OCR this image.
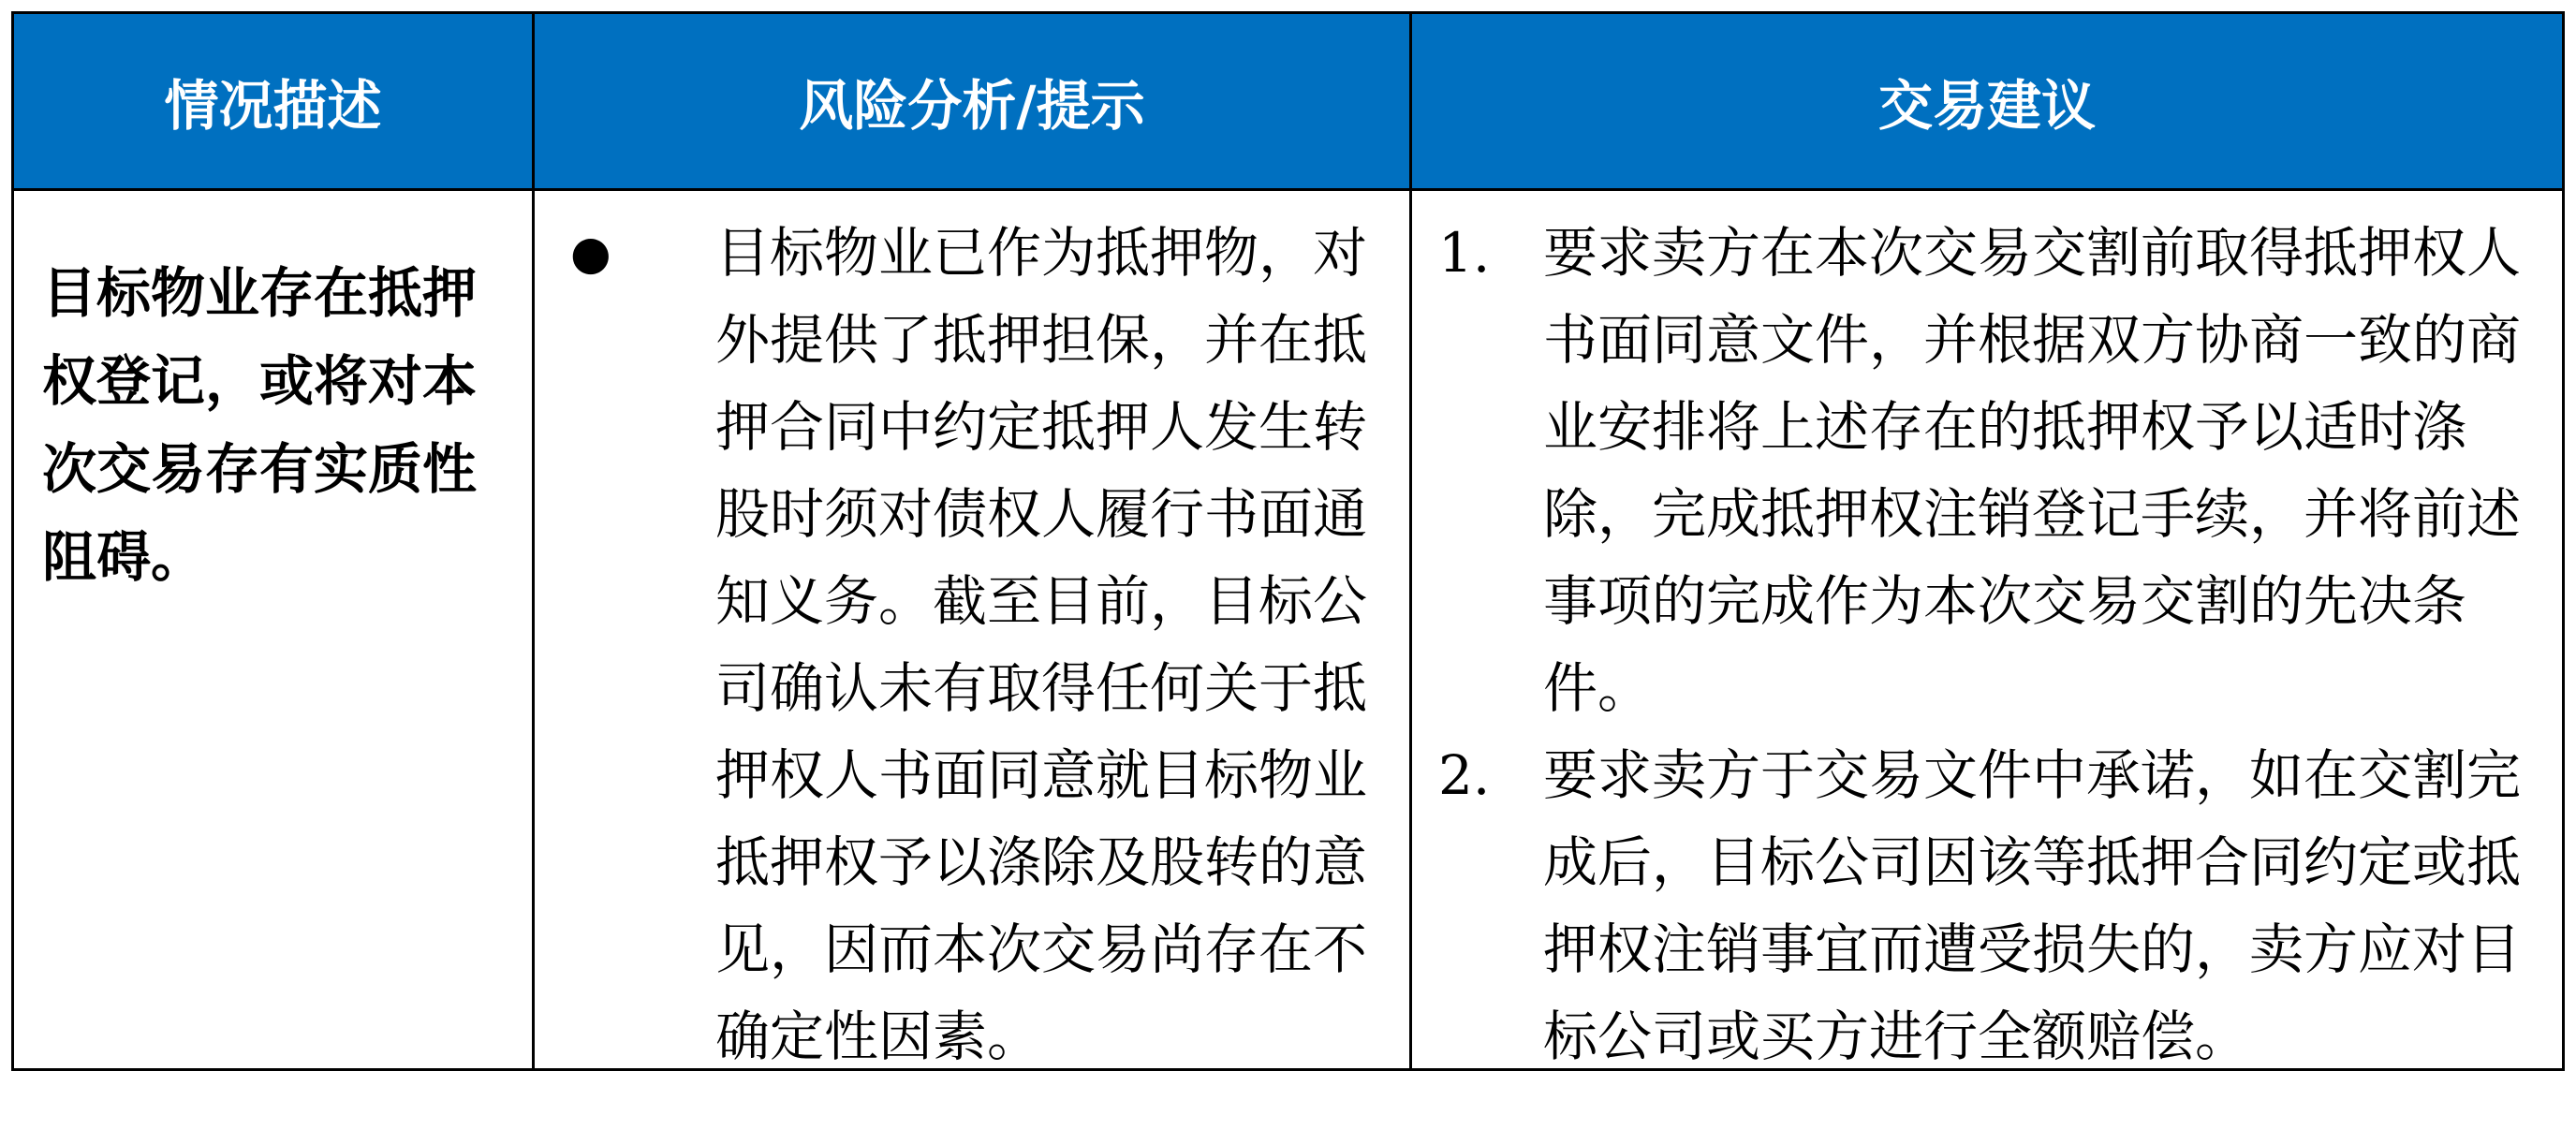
情况描述	风险分析/提示	交易建议
目标物业存在抵押权登记，或将对本次交易存有实质性阻碍。
● 目标物业已作为抵押物，对外提供了抵押担保，并在抵押合同中约定抵押人发生转股时须对债权人履行书面通知义务。截至目前，目标公司确认未有取得任何关于抵押权人书面同意就目标物业抵押权予以涤除及股转的意见，因而本次交易尚存在不确定性因素。
1. 要求卖方在本次交易交割前取得抵押权人书面同意文件，并根据双方协商一致的商业安排将上述存在的抵押权予以适时涤除，完成抵押权注销登记手续，并将前述事项的完成作为本次交易交割的先决条件。
2. 要求卖方于交易文件中承诺，如在交割完成后，目标公司因该等抵押合同约定或抵押权注销事宜而遭受损失的，卖方应对目标公司或买方进行全额赔偿。
